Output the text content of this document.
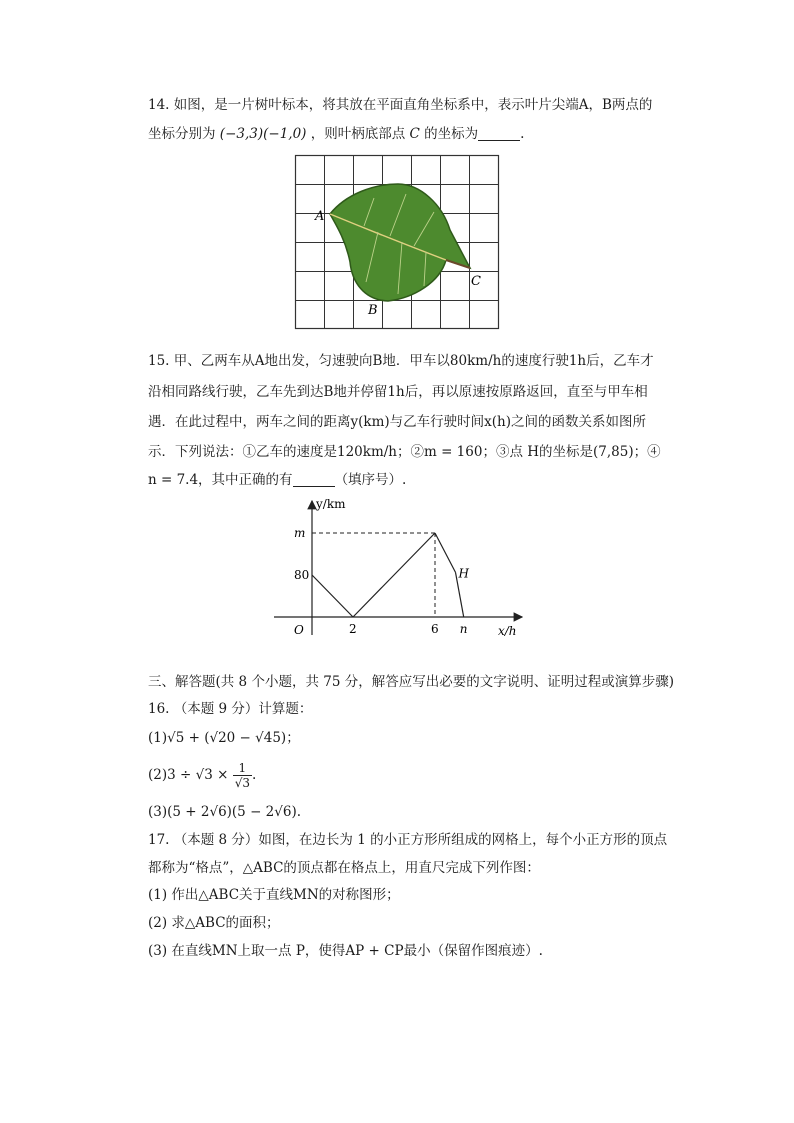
14. 如图，是一片树叶标本，将其放在平面直角坐标系中，表示叶片尖端A，B两点的
坐标分别为 (−3,3)(−1,0) ，则叶柄底部点 C 的坐标为	.
A
B
C
15. 甲、乙两车从A地出发，匀速驶向B地．甲车以80km/h的速度行驶1h后，乙车才
沿相同路线行驶，乙车先到达B地并停留1h后，再以原速按原路返回，直至与甲车相
遇．在此过程中，两车之间的距离y(km)与乙车行驶时间x(h)之间的函数关系如图所
示．下列说法：①乙车的速度是120km/h；②m = 160；③点 H的坐标是(7,85)；④
n = 7.4，其中正确的有	（填序号）.
y/km
x/h
O
80
m
2	6 n
H
三、解答题(共 8 个小题，共 75 分，解答应写出必要的文字说明、证明过程或演算步骤)
16. （本题 9 分）计算题：
(1)√5 + (√20 − √45)；
$(2)3 \div √3 \times \frac{1}{√3}$ .
(3)(5 + 2√6)(5 − 2√6).
17. （本题 8 分）如图，在边长为 1 的小正方形所组成的网格上，每个小正方形的顶点
都称为“格点”，△ABC的顶点都在格点上，用直尺完成下列作图：
(1) 作出△ABC关于直线MN的对称图形；
(2) 求△ABC的面积；
(3) 在直线MN上取一点 P，使得AP + CP最小（保留作图痕迹）.
